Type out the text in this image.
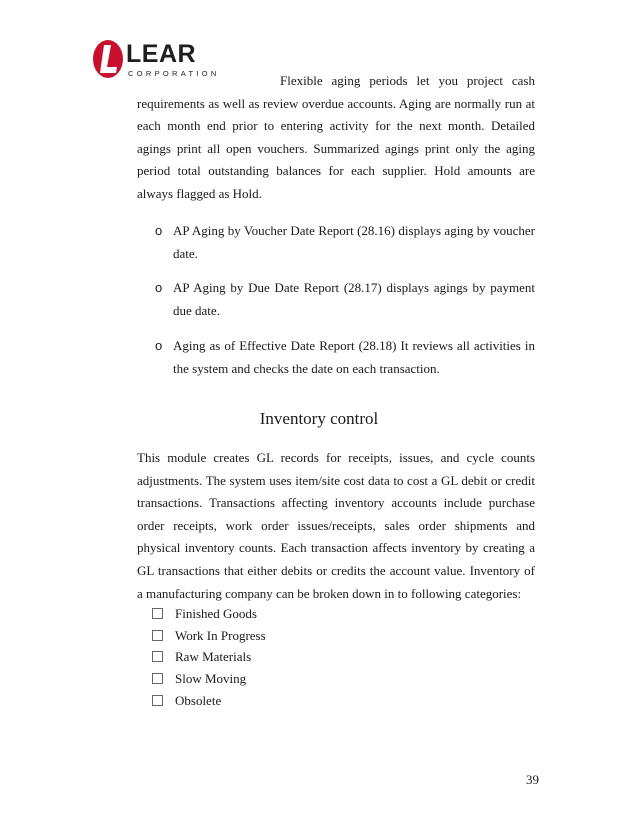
LEAR
CORPORATION	Flexible aging periods let you project cash requirements as well as review overdue accounts. Aging are normally run at each month end prior to entering activity for the next month. Detailed agings print all open vouchers. Summarized agings print only the aging period total outstanding balances for each supplier. Hold amounts are always flagged as Hold.

o AP Aging by Voucher Date Report (28.16) displays aging by voucher date.
o AP Aging by Due Date Report (28.17) displays agings by payment due date.
o Aging as of Effective Date Report (28.18) It reviews all activities in the system and checks the date on each transaction.
Inventory control

This module creates GL records for receipts, issues, and cycle counts adjustments. The system uses item/site cost data to cost a GL debit or credit transactions. Transactions affecting inventory accounts include purchase order receipts, work order issues/receipts, sales order shipments and physical inventory counts. Each transaction affects inventory by creating a GL transactions that either debits or credits the account value. Inventory of a manufacturing company can be broken down in to following categories:

Finished Goods
Work In Progress
Raw Materials
Slow Moving
Obsolete
39
